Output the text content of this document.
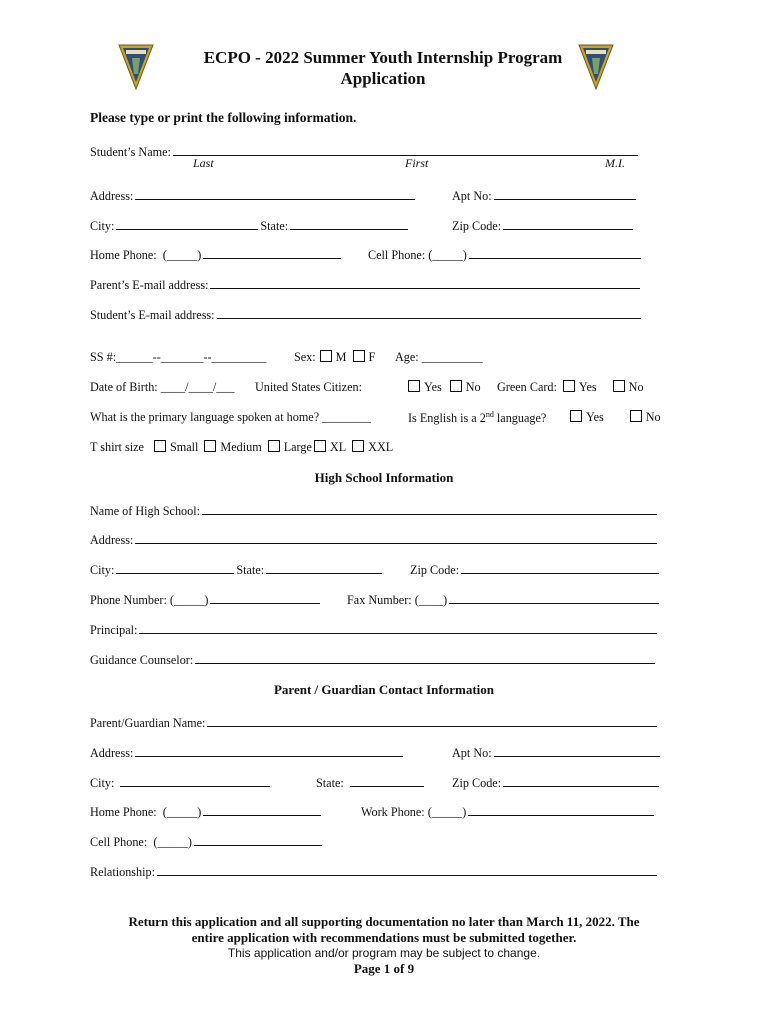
ECPO - 2022 Summer Youth Internship Program
Application
Please type or print the following information.
Student’s Name:
Last	First	M.I.
Address:	Apt No:
City:	State:	Zip Code:
Home Phone: (_____)	Cell Phone: (_____)
Parent’s E-mail address:
Student’s E-mail address:
SS #:______--_______--_________ Sex: M F Age: __________
Date of Birth: ____/____/___ United States Citizen:	Yes No Green Card: Yes	No
What is the primary language spoken at home? ________	Is English is a 2nd language?	Yes	No
T shirt size Small Medium Large XL XXL
High School Information
Name of High School:
Address:
City:	State:	Zip Code:
Phone Number: (_____)	Fax Number: (____)
Principal:
Guidance Counselor:
Parent / Guardian Contact Information
Parent/Guardian Name:
Address:	Apt No:
City:	State:	Zip Code:
Home Phone: (_____)	Work Phone: (_____)
Cell Phone: (_____)
Relationship:
Return this application and all supporting documentation no later than March 11, 2022. The
entire application with recommendations must be submitted together.
This application and/or program may be subject to change.
Page 1 of 9
